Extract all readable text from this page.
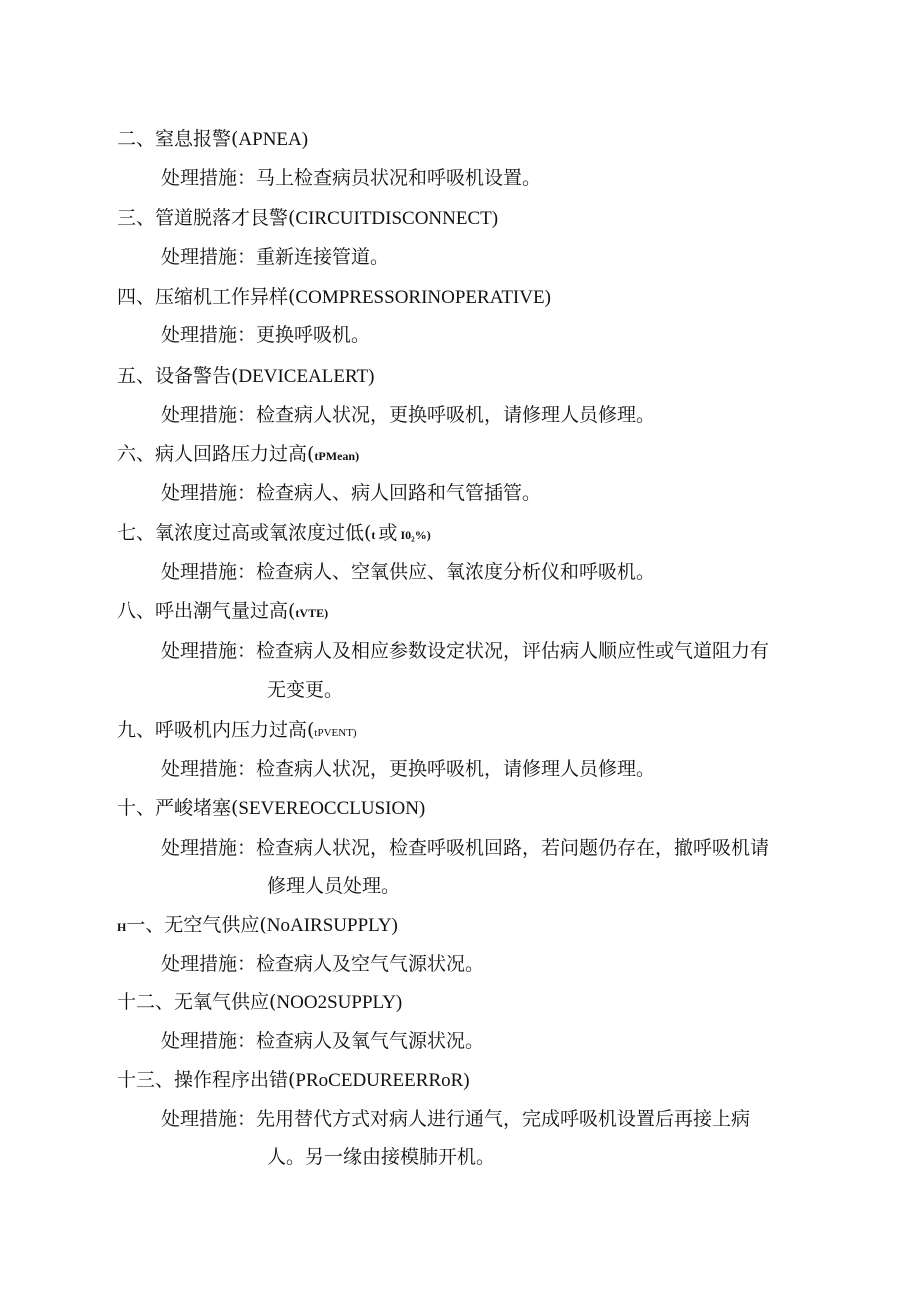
二、窒息报警(APNEA)
处理措施：马上检查病员状况和呼吸机设置。
三、管道脱落才艮警(CIRCUITDISCONNECT)
处理措施：重新连接管道。
四、压缩机工作异样(COMPRESSORINOPERATIVE)
处理措施：更换呼吸机。
五、设备警告(DEVICEALERT)
处理措施：检查病人状况，更换呼吸机，请修理人员修理。
六、病人回路压力过高(tPMean)
处理措施：检查病人、病人回路和气管插管。
七、氧浓度过高或氧浓度过低(t 或 I0₂%)
处理措施：检查病人、空氧供应、氧浓度分析仪和呼吸机。
八、呼出潮气量过高(tVTE)
处理措施：检查病人及相应参数设定状况，评估病人顺应性或气道阻力有
无变更。
九、呼吸机内压力过高(tPVENT)
处理措施：检查病人状况，更换呼吸机，请修理人员修理。
十、严峻堵塞(SEVEREOCCLUSION)
处理措施：检查病人状况，检查呼吸机回路，若问题仍存在，撤呼吸机请
修理人员处理。
H一、无空气供应(NoAIRSUPPLY)
处理措施：检查病人及空气气源状况。
十二、无氧气供应(NOO2SUPPLY)
处理措施：检查病人及氧气气源状况。
十三、操作程序出错(PRoCEDUREERRoR)
处理措施：先用替代方式对病人进行通气，完成呼吸机设置后再接上病
人。另一缘由接模肺开机。
